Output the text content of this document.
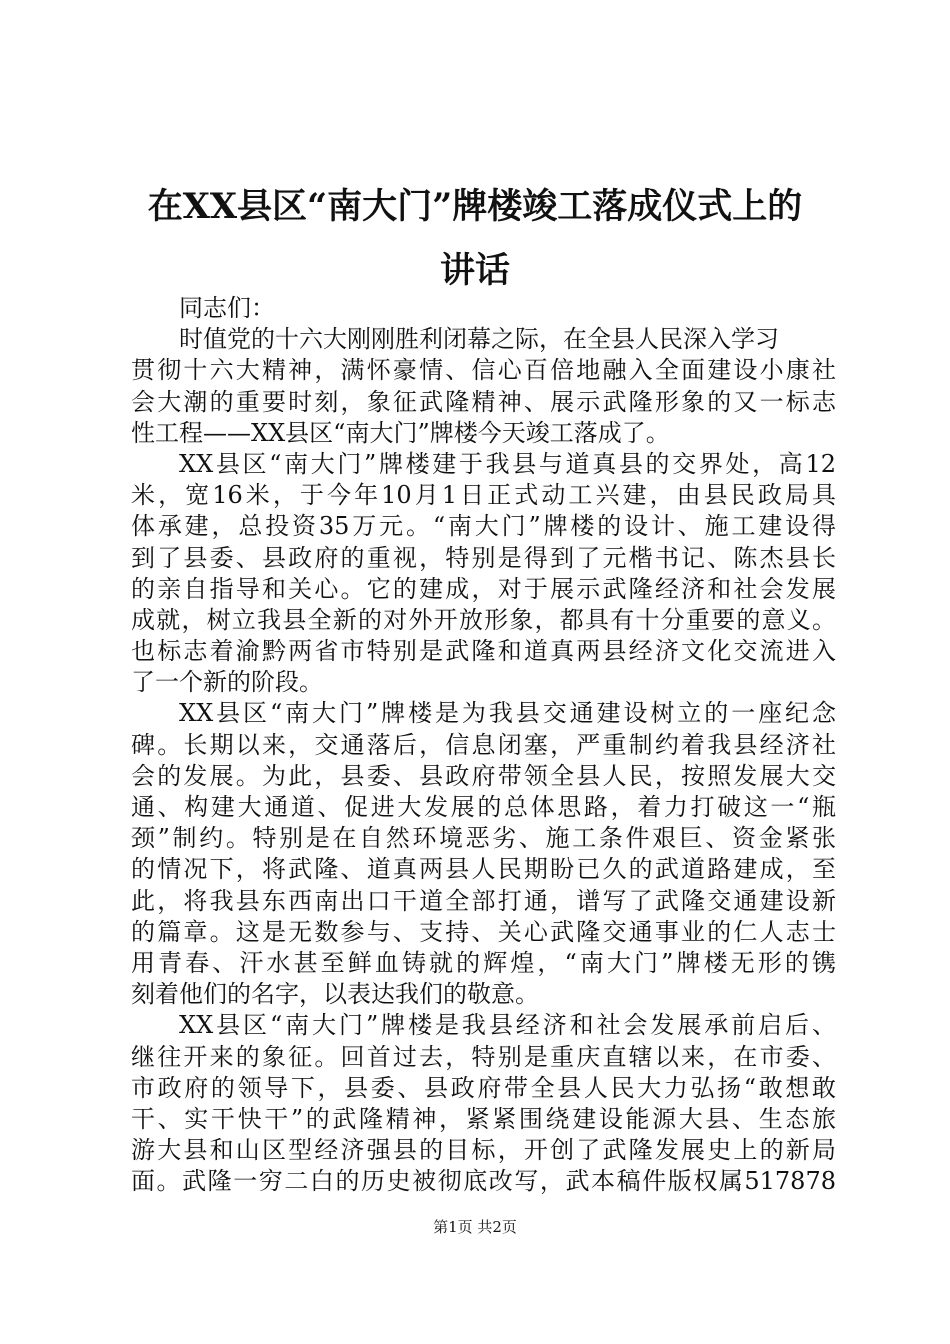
在XX县区“南大门”牌楼竣工落成仪式上的
讲话
同志们：
时值党的十六大刚刚胜利闭幕之际，在全县人民深入学习
贯彻十六大精神，满怀豪情、信心百倍地融入全面建设小康社
会大潮的重要时刻，象征武隆精神、展示武隆形象的又一标志
性工程——XX县区“南大门”牌楼今天竣工落成了。
XX县区“南大门”牌楼建于我县与道真县的交界处，高12
米，宽16米，于今年10月1日正式动工兴建，由县民政局具
体承建，总投资35万元。“南大门”牌楼的设计、施工建设得
到了县委、县政府的重视，特别是得到了元楷书记、陈杰县长
的亲自指导和关心。它的建成，对于展示武隆经济和社会发展
成就，树立我县全新的对外开放形象，都具有十分重要的意义。
也标志着渝黔两省市特别是武隆和道真两县经济文化交流进入
了一个新的阶段。
XX县区“南大门”牌楼是为我县交通建设树立的一座纪念
碑。长期以来，交通落后，信息闭塞，严重制约着我县经济社
会的发展。为此，县委、县政府带领全县人民，按照发展大交
通、构建大通道、促进大发展的总体思路，着力打破这一“瓶
颈”制约。特别是在自然环境恶劣、施工条件艰巨、资金紧张
的情况下，将武隆、道真两县人民期盼已久的武道路建成，至
此，将我县东西南出口干道全部打通，谱写了武隆交通建设新
的篇章。这是无数参与、支持、关心武隆交通事业的仁人志士
用青春、汗水甚至鲜血铸就的辉煌，“南大门”牌楼无形的镌
刻着他们的名字，以表达我们的敬意。
XX县区“南大门”牌楼是我县经济和社会发展承前启后、
继往开来的象征。回首过去，特别是重庆直辖以来，在市委、
市政府的领导下，县委、县政府带全县人民大力弘扬“敢想敢
干、实干快干”的武隆精神，紧紧围绕建设能源大县、生态旅
游大县和山区型经济强县的目标，开创了武隆发展史上的新局
面。武隆一穷二白的历史被彻底改写，武本稿件版权属517878
第1页 共2页
